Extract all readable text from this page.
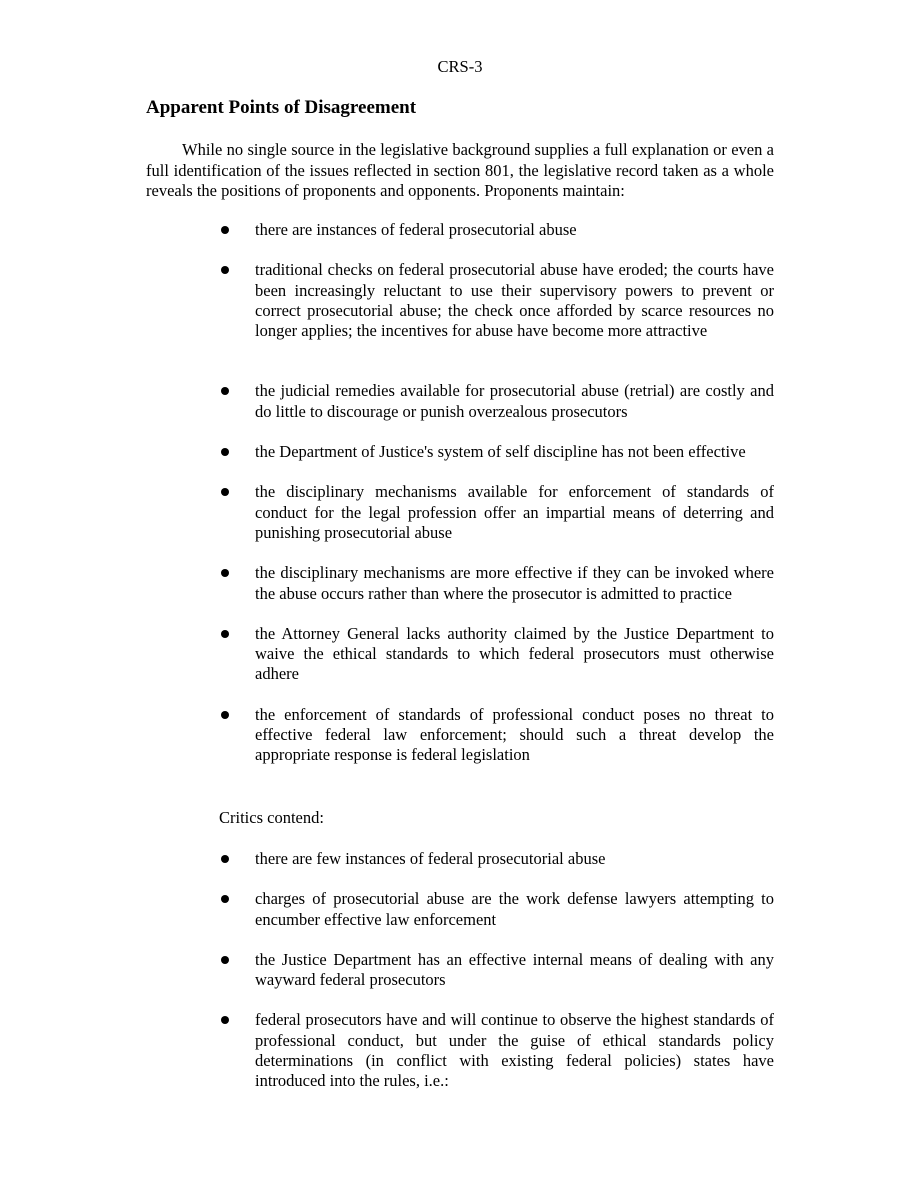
CRS-3
Apparent Points of Disagreement

While no single source in the legislative background supplies a full explanation or even a full identification of the issues reflected in section 801, the legislative record taken as a whole reveals the positions of proponents and opponents. Proponents maintain:

there are instances of federal prosecutorial abuse
traditional checks on federal prosecutorial abuse have eroded; the courts have been increasingly reluctant to use their supervisory powers to prevent or correct prosecutorial abuse; the check once afforded by scarce resources no longer applies; the incentives for abuse have become more attractive
the judicial remedies available for prosecutorial abuse (retrial) are costly and do little to discourage or punish overzealous prosecutors
the Department of Justice's system of self discipline has not been effective
the disciplinary mechanisms available for enforcement of standards of conduct for the legal profession offer an impartial means of deterring and punishing prosecutorial abuse
the disciplinary mechanisms are more effective if they can be invoked where the abuse occurs rather than where the prosecutor is admitted to practice
the Attorney General lacks authority claimed by the Justice Department to waive the ethical standards to which federal prosecutors must otherwise adhere
the enforcement of standards of professional conduct poses no threat to effective federal law enforcement; should such a threat develop the appropriate response is federal legislation

Critics contend:

there are few instances of federal prosecutorial abuse
charges of prosecutorial abuse are the work defense lawyers attempting to encumber effective law enforcement
the Justice Department has an effective internal means of dealing with any wayward federal prosecutors
federal prosecutors have and will continue to observe the highest standards of professional conduct, but under the guise of ethical standards policy determinations (in conflict with existing federal policies) states have introduced into the rules, i.e.:
